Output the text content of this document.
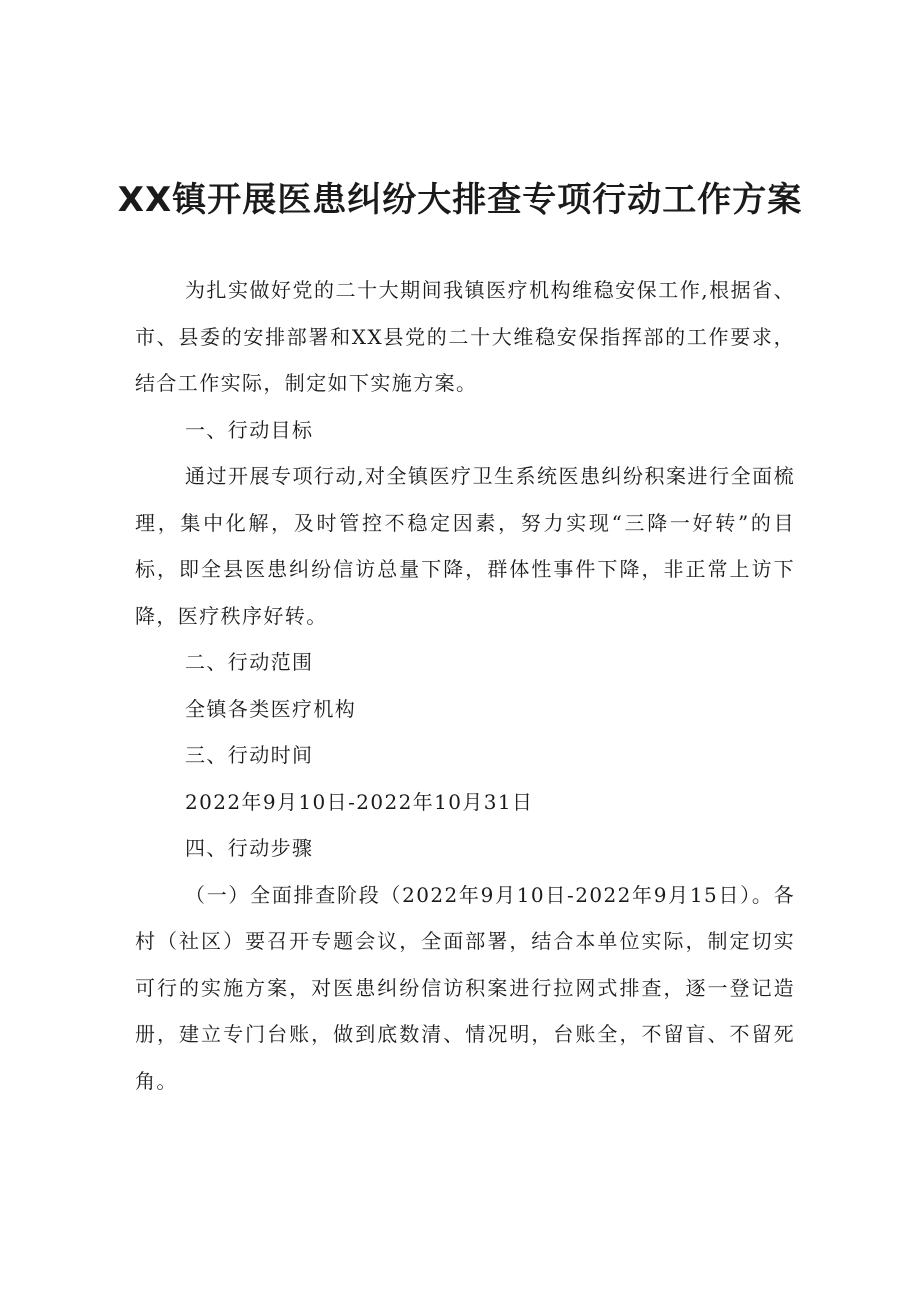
XX镇开展医患纠纷大排查专项行动工作方案

为扎实做好党的二十大期间我镇医疗机构维稳安保工作,根据省、市、县委的安排部署和XX县党的二十大维稳安保指挥部的工作要求，结合工作实际，制定如下实施方案。

一、行动目标

通过开展专项行动,对全镇医疗卫生系统医患纠纷积案进行全面梳理，集中化解，及时管控不稳定因素，努力实现“三降一好转”的目标，即全县医患纠纷信访总量下降，群体性事件下降，非正常上访下降，医疗秩序好转。

二、行动范围

全镇各类医疗机构

三、行动时间

2022年9月10日-2022年10月31日

四、行动步骤

（一）全面排查阶段（2022年9月10日-2022年9月15日）。各村（社区）要召开专题会议，全面部署，结合本单位实际，制定切实可行的实施方案，对医患纠纷信访积案进行拉网式排查，逐一登记造册，建立专门台账，做到底数清、情况明，台账全，不留盲、不留死角。
